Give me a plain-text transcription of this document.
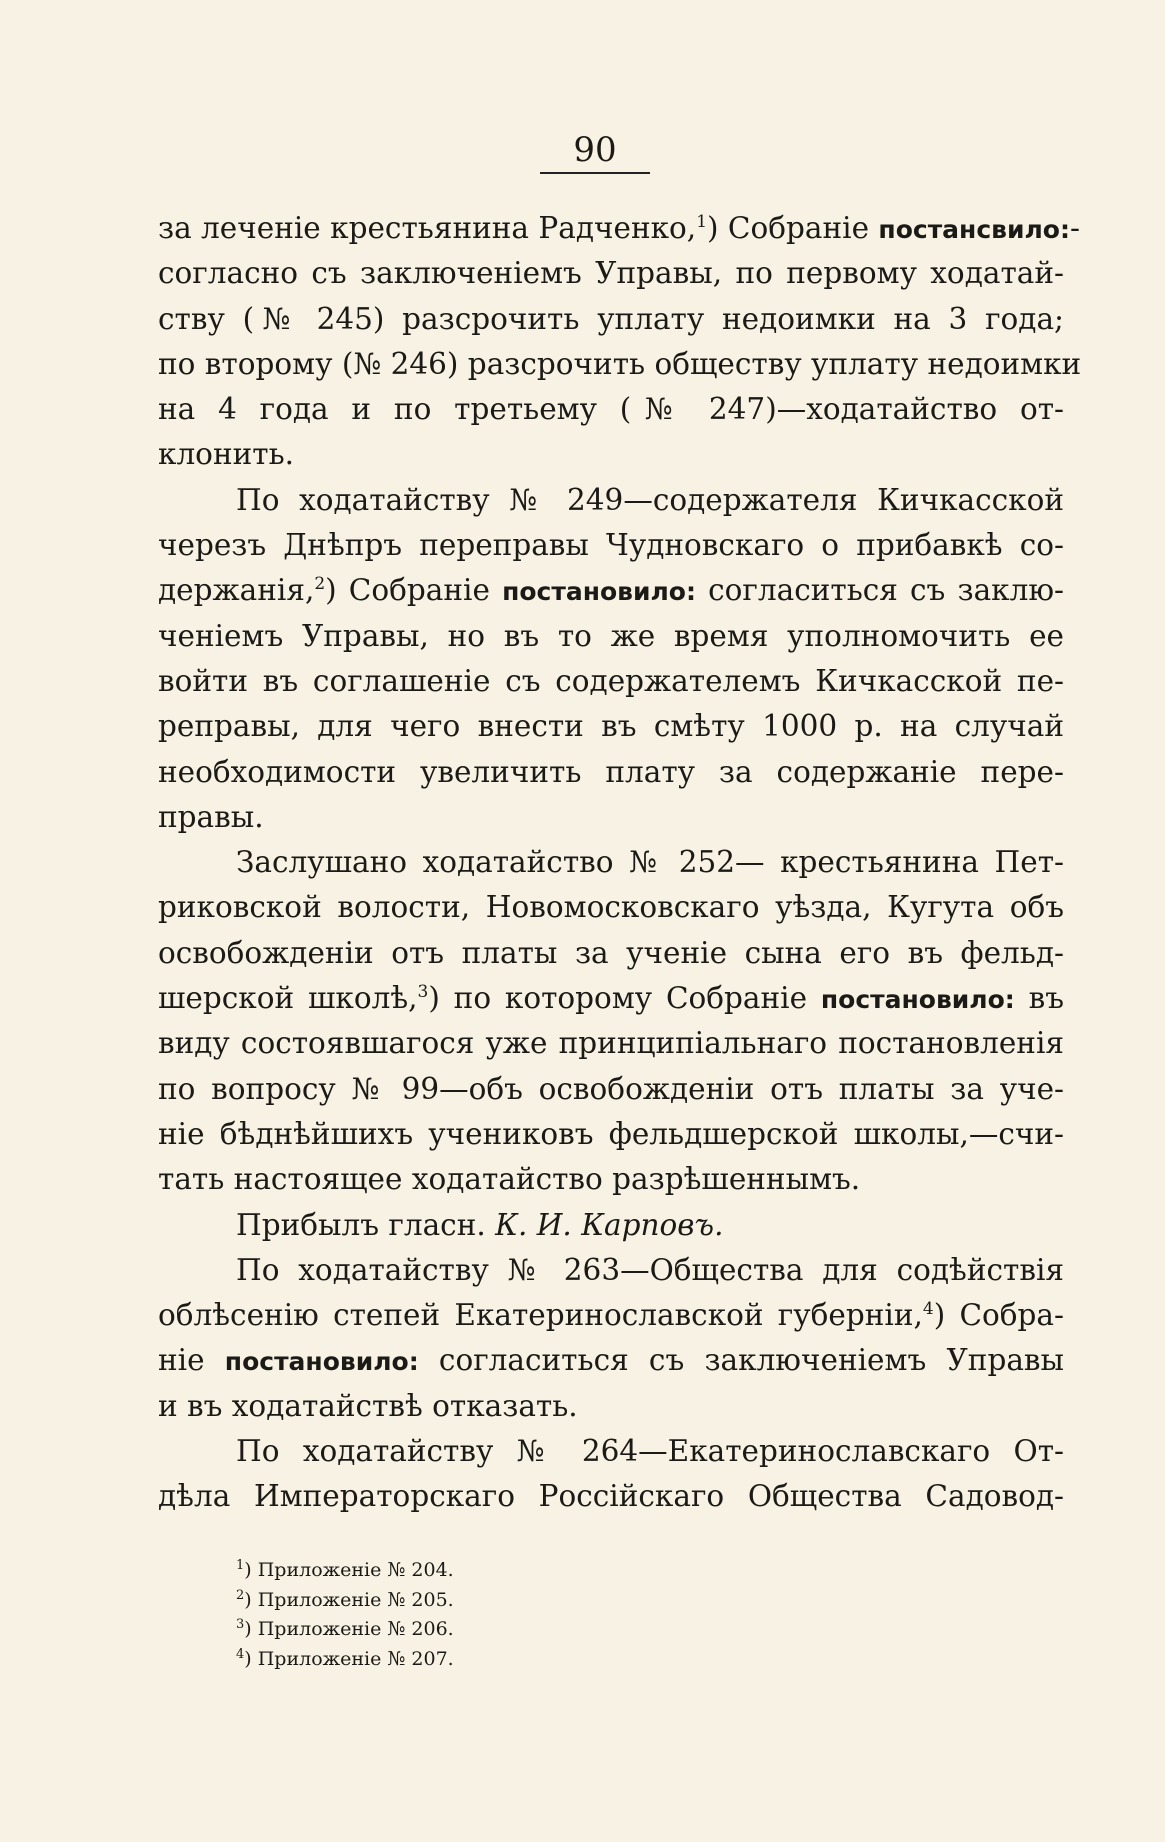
90
за леченіе крестьянина Радченко,$^1$) Собраніе постансвило:-
согласно съ заключеніемъ Управы, по первому ходатай-
ству (№ 245) разсрочить уплату недоимки на 3 года;
по второму (№ 246) разсрочить обществу уплату недоимки
на 4 года и по третьему (№ 247)—ходатайство от-
клонить.
По ходатайству № 249—содержателя Кичкасской
черезъ Днѣпръ переправы Чудновскаго о прибавкѣ со-
держанія,$^2$) Собраніе постановило: согласиться съ заклю-
ченіемъ Управы, но въ то же время уполномочить ее
войти въ соглашеніе съ содержателемъ Кичкасской пе-
реправы, для чего внести въ смѣту 1000 р. на случай
необходимости увеличить плату за содержаніе пере-
правы.
Заслушано ходатайство № 252— крестьянина Пет-
риковской волости, Новомосковскаго уѣзда, Кугута объ
освобожденіи отъ платы за ученіе сына его въ фельд-
шерской школѣ,$^3$) по которому Собраніе постановило: въ
виду состоявшагося уже принципіальнаго постановленія
по вопросу № 99—объ освобожденіи отъ платы за уче-
ніе бѣднѣйшихъ учениковъ фельдшерской школы,—счи-
тать настоящее ходатайство разрѣшеннымъ.
Прибылъ гласн. К. И. Карповъ.
По ходатайству № 263—Общества для содѣйствія
облѣсенію степей Екатеринославской губерніи,$^4$) Собра-
ніе постановило: согласиться съ заключеніемъ Управы
и въ ходатайствѣ отказать.
По ходатайству № 264—Екатеринославскаго От-
дѣла Императорскаго Россійскаго Общества Садовод-
$^1$) Приложеніе № 204.
$^2$) Приложеніе № 205.
$^3$) Приложеніе № 206.
$^4$) Приложеніе № 207.
